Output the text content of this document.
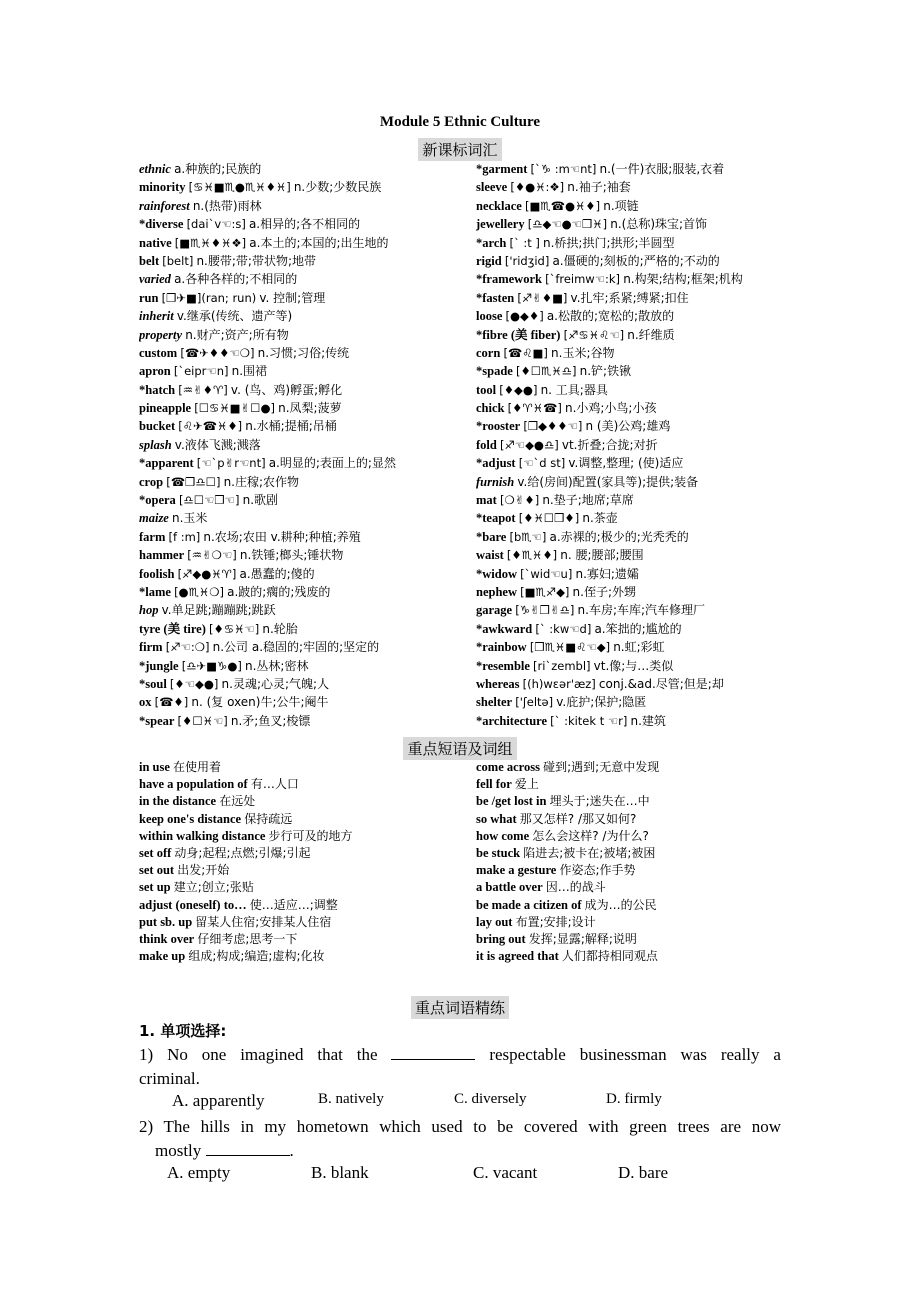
Module 5 Ethnic Culture
新课标词汇
ethnic a.种族的;民族的
minority [♋♓■♏●♏♓♦♓] n.少数;少数民族
rainforest n.(热带)雨林
*diverse [dai`v☜:s] a.相异的;各不相同的
native [■♏♓♦♓❖] a.本土的;本国的;出生地的
belt [belt] n.腰带;带;带状物;地带
varied a.各种各样的;不相同的
run [❒✈■](ran; run) v. 控制;管理
inherit v.继承(传统、遗产等)
property n.财产;资产;所有物
custom [☎✈♦♦☜❍] n.习惯;习俗;传统
apron [`eipr☜n] n.围裙
*hatch [♒✌♦♈] v. (鸟、鸡)孵蛋;孵化
pineapple [☐♋♓■✌☐●] n.凤梨;菠萝
bucket [♌✈☎♓♦] n.水桶;提桶;吊桶
splash v.液体飞溅;溅落
*apparent [☜`p✌r☜nt] a.明显的;表面上的;显然
crop [☎❒♎☐] n.庄稼;农作物
*opera [♎☐☜❒☜] n.歌剧
maize n.玉米
farm [f :m] n.农场;农田 v.耕种;种植;养殖
hammer [♒✌❍☜] n.铁锤;榔头;锤状物
foolish [♐◆●♓♈] a.愚蠢的;傻的
*lame [●♏♓❍] a.跛的;瘸的;残废的
hop v.单足跳;蹦蹦跳;跳跃
tyre (美 tire) [♦♋♓☜] n.轮胎
firm [♐☜:❍] n.公司 a.稳固的;牢固的;坚定的
*jungle [♎✈■♑●] n.丛林;密林
*soul [♦☜◆●] n.灵魂;心灵;气魄;人
ox [☎♦] n. (复 oxen)牛;公牛;阉牛
*spear [♦☐♓☜] n.矛;鱼叉;梭镖
*garment [`♑ :m☜nt] n.(一件)衣服;服装,衣着
sleeve [♦●♓:❖] n.袖子;袖套
necklace [■♏☎●♓♦] n.项链
jewellery [♎◆☜●☜❒♓] n.(总称)珠宝;首饰
*arch [` :t ] n.桥拱;拱门;拱形;半圆型
rigid ['ridʒid] a.僵硬的;刻板的;严格的;不动的
*framework [`freimw☜:k] n.构架;结构;框架;机构
*fasten [♐✌♦■] v.扎牢;系紧;缚紧;扣住
loose [●◆♦] a.松散的;宽松的;散放的
*fibre (美 fiber) [♐♋♓♌☜] n.纤维质
corn [☎♌■] n.玉米;谷物
*spade [♦☐♏♓♎] n.铲;铁锹
tool [♦◆●] n. 工具;器具
chick [♦♈♓☎] n.小鸡;小鸟;小孩
*rooster [❒◆♦♦☜] n (美)公鸡;雄鸡
fold [♐☜◆●♎] vt.折叠;合拢;对折
*adjust [☜`d st] v.调整,整理; (使)适应
furnish v.给(房间)配置(家具等);提供;装备
mat [❍✌♦] n.垫子;地席;草席
*teapot [♦♓☐❒♦] n.茶壶
*bare [b♏☜] a.赤裸的;极少的;光秃秃的
waist [♦♏♓♦] n. 腰;腰部;腰围
*widow [`wid☜u] n.寡妇;遗孀
nephew [■♏♐◆] n.侄子;外甥
garage [♑✌❒✌♎] n.车房;车库;汽车修理厂
*awkward [` :kw☜d] a.笨拙的;尴尬的
*rainbow [❒♏♓■♌☜◆] n.虹;彩虹
*resemble [ri`zembl] vt.像;与…类似
whereas [(h)wεər'æz] conj.&ad.尽管;但是;却
shelter ['ʃeltə] v.庇护;保护;隐匿
*architecture [` :kitek t ☜r] n.建筑
重点短语及词组
in use 在使用着
have a population of 有…人口
in the distance 在远处
keep one's distance 保持疏远
within walking distance 步行可及的地方
set off 动身;起程;点燃;引爆;引起
set out 出发;开始
set up 建立;创立;张贴
adjust (oneself) to… 使…适应…;调整
put sb. up 留某人住宿;安排某人住宿
think over 仔细考虑;思考一下
make up 组成;构成;编造;虚构;化妆
come across 碰到;遇到;无意中发现
fell for 爱上
be /get lost in 埋头于;迷失在…中
so what 那又怎样? /那又如何?
how come 怎么会这样? /为什么?
be stuck 陷进去;被卡在;被堵;被困
make a gesture 作姿态;作手势
a battle over 因…的战斗
be made a citizen of 成为…的公民
lay out 布置;安排;设计
bring out 发挥;显露;解释;说明
it is agreed that 人们都持相同观点
重点词语精练
1. 单项选择:
1) No one imagined that the	respectable businessman was really a
criminal.
A. apparently	B. natively	C. diversely	D. firmly
2) The hills in my hometown which used to be covered with green trees are now
mostly	.
A. empty	B. blank	C. vacant	D. bare
